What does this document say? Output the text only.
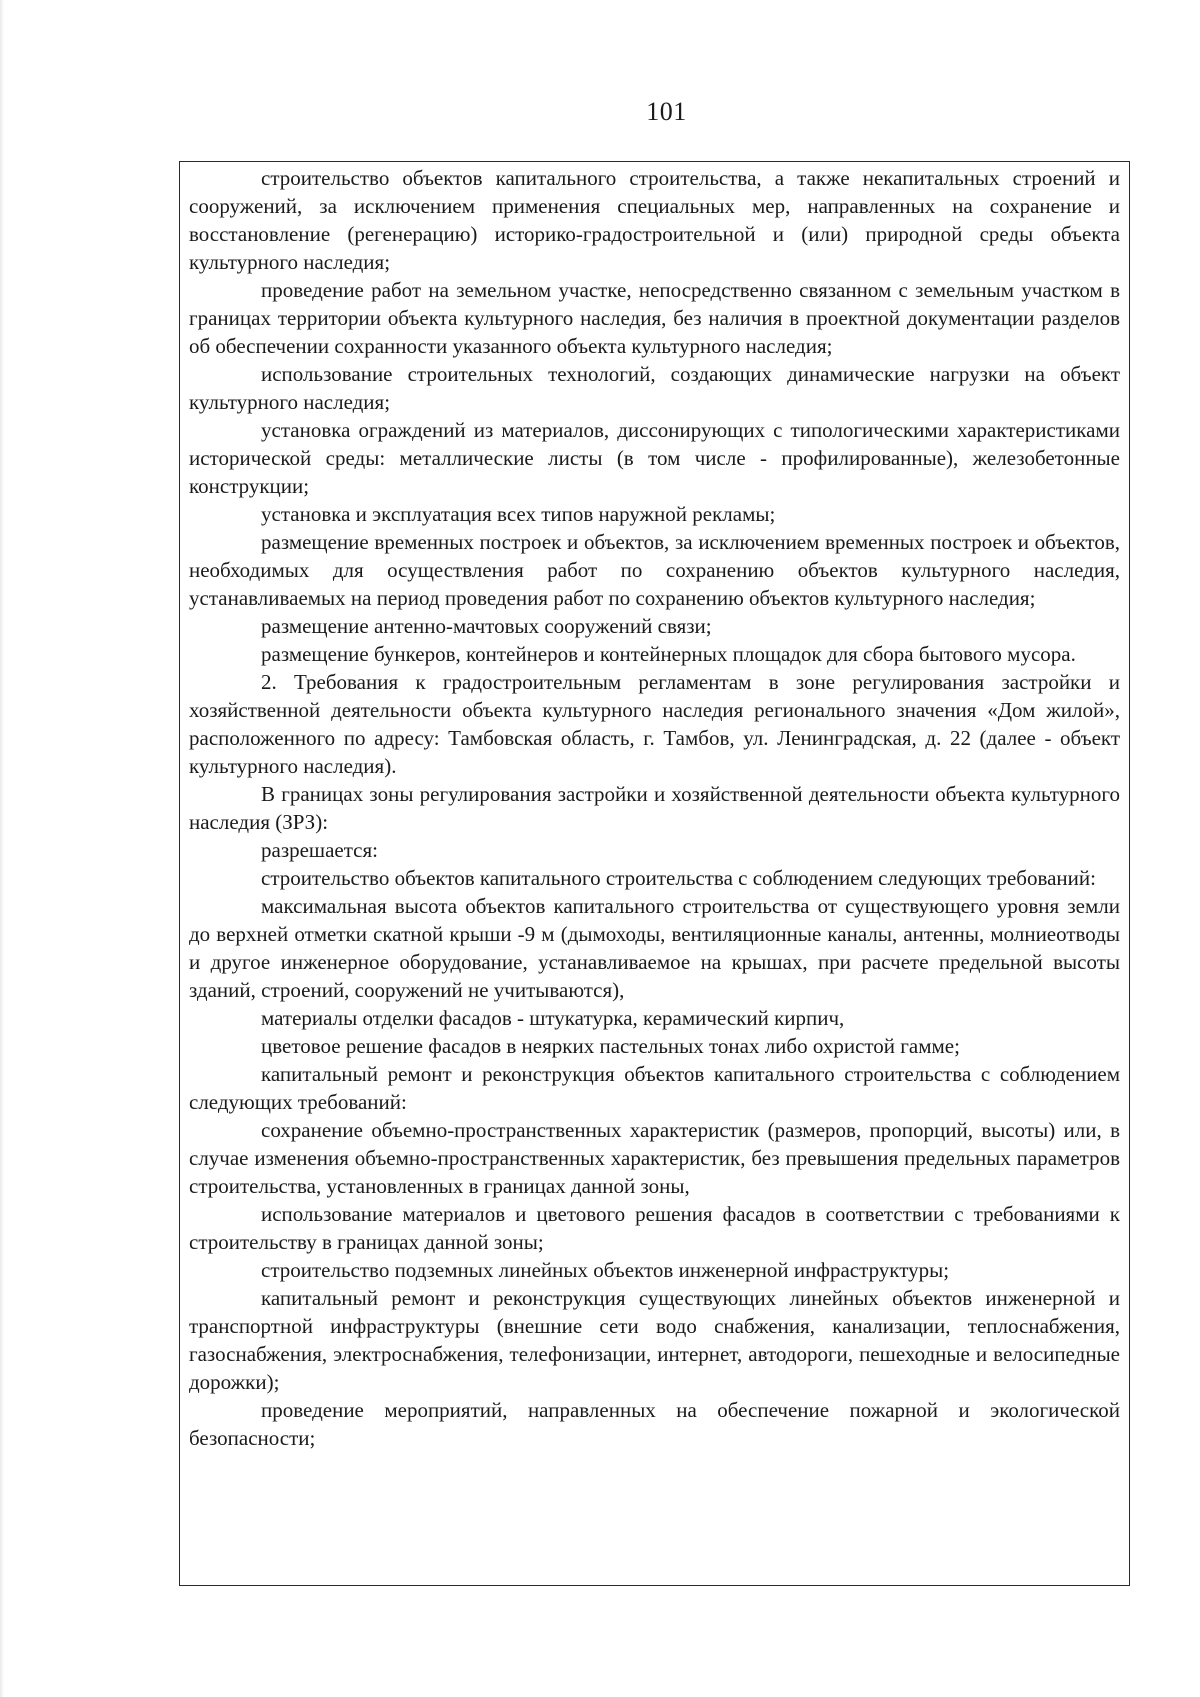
101

строительство объектов капитального строительства, а также некапитальных строений и сооружений, за исключением применения специальных мер, направленных на сохранение и восстановление (регенерацию) историко-градостроительной и (или) природной среды объекта культурного наследия;

проведение работ на земельном участке, непосредственно связанном с земельным участком в границах территории объекта культурного наследия, без наличия в проектной документации разделов об обеспечении сохранности указанного объекта культурного наследия;

использование строительных технологий, создающих динамические нагрузки на объект культурного наследия;

установка ограждений из материалов, диссонирующих с типологическими характеристиками исторической среды: металлические листы (в том числе - профилированные), железобетонные конструкции;

установка и эксплуатация всех типов наружной рекламы;

размещение временных построек и объектов, за исключением временных построек и объектов, необходимых для осуществления работ по сохранению объектов культурного наследия, устанавливаемых на период проведения работ по сохранению объектов культурного наследия;

размещение антенно-мачтовых сооружений связи;

размещение бункеров, контейнеров и контейнерных площадок для сбора бытового мусора.

2. Требования к градостроительным регламентам в зоне регулирования застройки и хозяйственной деятельности объекта культурного наследия регионального значения «Дом жилой», расположенного по адресу: Тамбовская область, г. Тамбов, ул. Ленинградская, д. 22 (далее - объект культурного наследия).

В границах зоны регулирования застройки и хозяйственной деятельности объекта культурного наследия (ЗРЗ):

разрешается:

строительство объектов капитального строительства с соблюдением следующих требований:

максимальная высота объектов капитального строительства от существующего уровня земли до верхней отметки скатной крыши -9 м (дымоходы, вентиляционные каналы, антенны, молниеотводы и другое инженерное оборудование, устанавливаемое на крышах, при расчете предельной высоты зданий, строений, сооружений не учитываются),

материалы отделки фасадов - штукатурка, керамический кирпич,

цветовое решение фасадов в неярких пастельных тонах либо охристой гамме;

капитальный ремонт и реконструкция объектов капитального строительства с соблюдением следующих требований:

сохранение объемно-пространственных характеристик (размеров, пропорций, высоты) или, в случае изменения объемно-пространственных характеристик, без превышения предельных параметров строительства, установленных в границах данной зоны,

использование материалов и цветового решения фасадов в соответствии с требованиями к строительству в границах данной зоны;

строительство подземных линейных объектов инженерной инфраструктуры;

капитальный ремонт и реконструкция существующих линейных объектов инженерной и транспортной инфраструктуры (внешние сети водо снабжения, канализации, теплоснабжения, газоснабжения, электроснабжения, телефонизации, интернет, автодороги, пешеходные и велосипедные дорожки);

проведение мероприятий, направленных на обеспечение пожарной и экологической безопасности;
